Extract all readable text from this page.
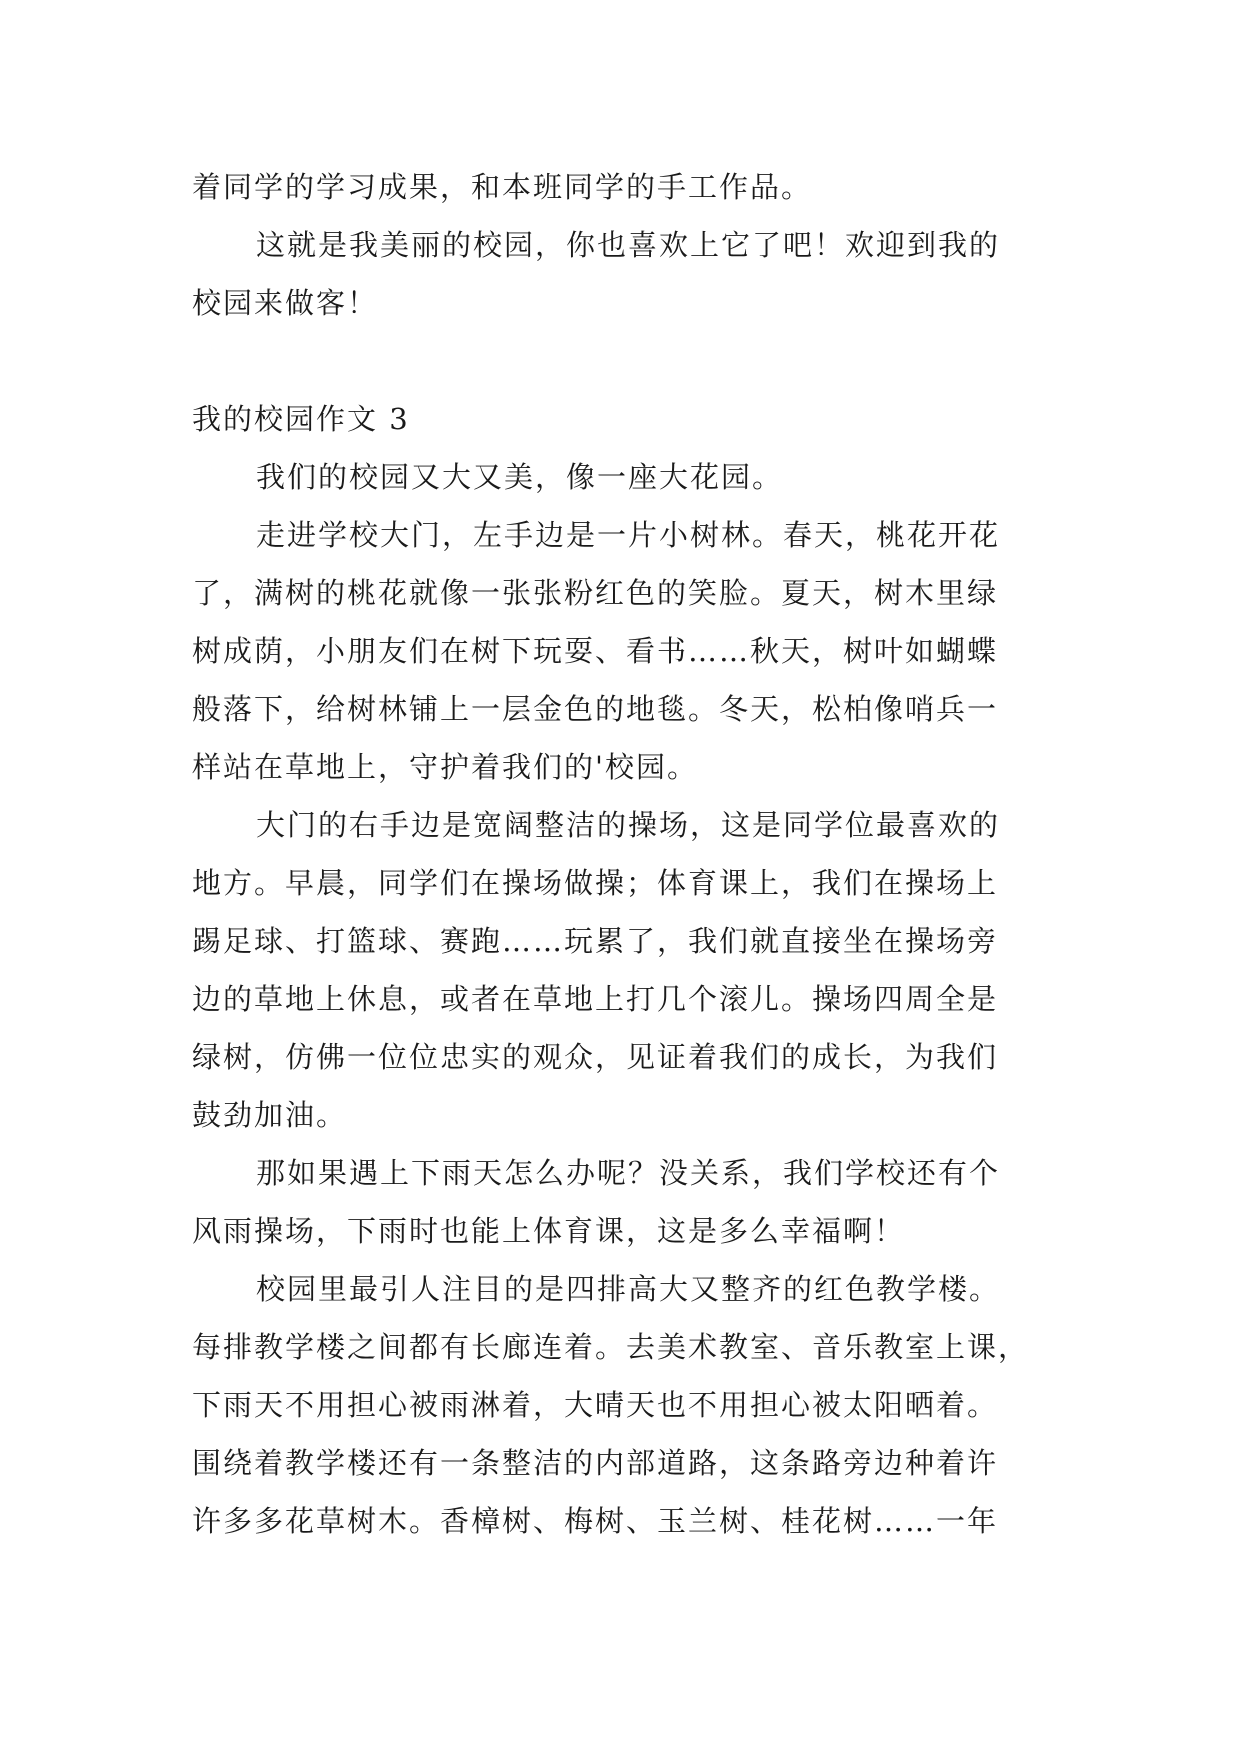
着同学的学习成果，和本班同学的手工作品。
这就是我美丽的校园，你也喜欢上它了吧！欢迎到我的
校园来做客！
我的校园作文 3
我们的校园又大又美，像一座大花园。
走进学校大门，左手边是一片小树林。春天，桃花开花
了，满树的桃花就像一张张粉红色的笑脸。夏天，树木里绿
树成荫，小朋友们在树下玩耍、看书……秋天，树叶如蝴蝶
般落下，给树林铺上一层金色的地毯。冬天，松柏像哨兵一
样站在草地上，守护着我们的'校园。
大门的右手边是宽阔整洁的操场，这是同学位最喜欢的
地方。早晨，同学们在操场做操；体育课上，我们在操场上
踢足球、打篮球、赛跑……玩累了，我们就直接坐在操场旁
边的草地上休息，或者在草地上打几个滚儿。操场四周全是
绿树，仿佛一位位忠实的观众，见证着我们的成长，为我们
鼓劲加油。
那如果遇上下雨天怎么办呢？没关系，我们学校还有个
风雨操场，下雨时也能上体育课，这是多么幸福啊！
校园里最引人注目的是四排高大又整齐的红色教学楼。
每排教学楼之间都有长廊连着。去美术教室、音乐教室上课，
下雨天不用担心被雨淋着，大晴天也不用担心被太阳晒着。
围绕着教学楼还有一条整洁的内部道路，这条路旁边种着许
许多多花草树木。香樟树、梅树、玉兰树、桂花树……一年
